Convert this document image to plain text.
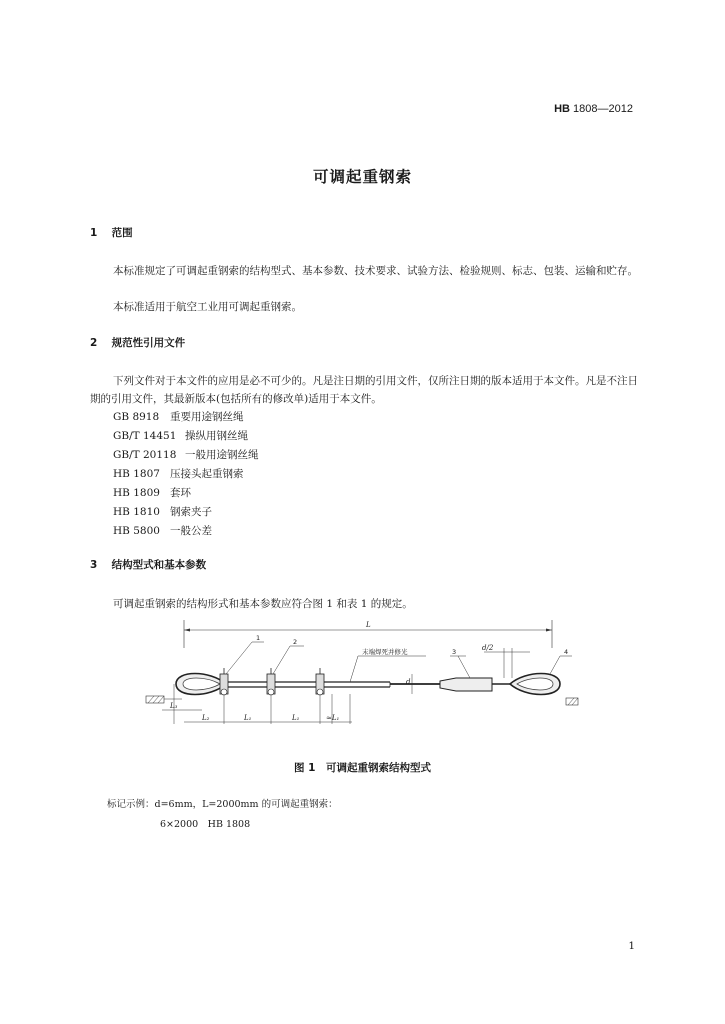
HB 1808—2012
可调起重钢索
1 范围
本标准规定了可调起重钢索的结构型式、基本参数、技术要求、试验方法、检验规则、标志、包装、运输和贮存。
本标准适用于航空工业用可调起重钢索。
2 规范性引用文件
下列文件对于本文件的应用是必不可少的。凡是注日期的引用文件，仅所注日期的版本适用于本文件。凡是不注日期的引用文件，其最新版本(包括所有的修改单)适用于本文件。
GB 8918 重要用途钢丝绳
GB/T 14451 操纵用钢丝绳
GB/T 20118 一般用途钢丝绳
HB 1807 压接头起重钢索
HB 1809 套环
HB 1810 钢索夹子
HB 5800 一般公差
3 结构型式和基本参数
可调起重钢索的结构形式和基本参数应符合图 1 和表 1 的规定。
L
1	2
末端焊死并修光	3	d/2	4
d
L₃
L₂	L₁	L₁	≈L₁
图 1　可调起重钢索结构型式
标记示例：d=6mm，L=2000mm 的可调起重钢索：
6×2000　HB 1808
1
